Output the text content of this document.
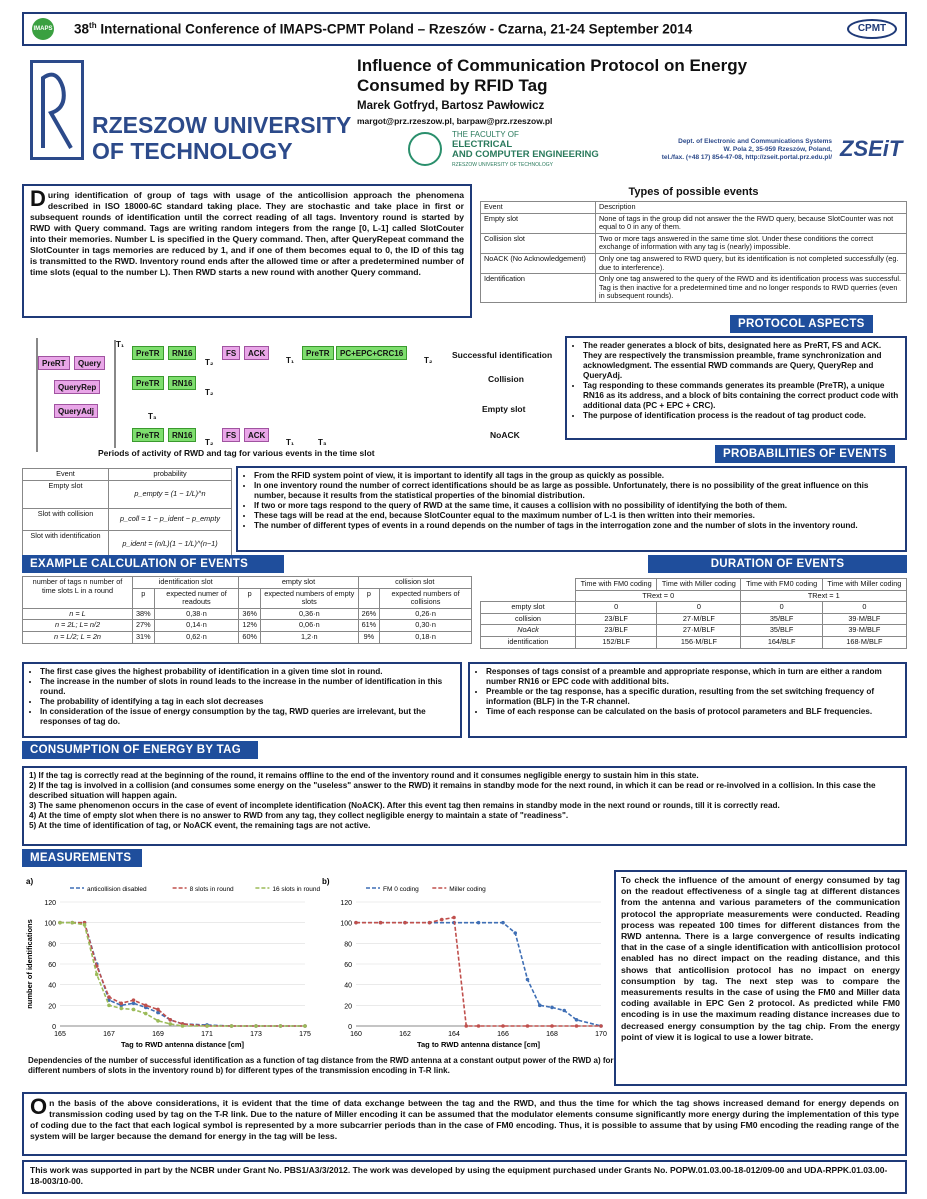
IMAPS 38th International Conference of IMAPS-CPMT Poland – Rzeszów - Czarna, 21-24 September 2014	CPMT
RZESZOW UNIVERSITY
OF TECHNOLOGY
Influence of Communication Protocol on Energy
Consumed by RFID Tag
Marek Gotfryd, Bartosz Pawłowicz
margot@prz.rzeszow.pl, barpaw@prz.rzeszow.pl
THE FACULTY OF
ELECTRICAL
AND COMPUTER ENGINEERING
RZESZOW UNIVERSITY OF TECHNOLOGY
Dept. of Electronic and Communications Systems
W. Pola 2, 35-959 Rzeszów, Poland,
tel./fax. (+48 17) 854-47-08, http://zseit.portal.prz.edu.pl/ ZSEiT
During identification of group of tags with usage of the anticollision approach the phenomena described in ISO 18000-6C standard taking place. They are stochastic and take place in first or subsequent rounds of identification until the correct reading of all tags. Inventory round is started by RWD with Query command. Tags are writing random integers from the range [0, L-1] called SlotCouter into their memories. Number L is specified in the Query command. Then, after QueryRepeat command the SlotCounter in tags memories are reduced by 1, and if one of them becomes equal to 0, the ID of this tag is transmitted to the RWD. Inventory round ends after the allowed time or after a predetermined number of time slots (equal to the number L). Then RWD starts a new round with another Query command.
Types of possible events
Event	Description
Empty slot	None of tags in the group did not answer the the RWD query, because SlotCounter was not equal to 0 in any of them.
Collision slot	Two or more tags answered in the same time slot. Under these conditions the correct exchange of information with any tag is (nearly) impossible.
NoACK (No Acknowledgement)	Only one tag answered to RWD query, but its identification is not completed successfully (eg. due to interference).
Identification	Only one tag answered to the query of the RWD and its identification process was successful. Tag is then inactive for a predetermined time and no longer responds to RWD querries (even in subsequent rounds).
PROTOCOL ASPECTS
T₁
PreRT	Query
PreTR	RN16
T₂
FS	ACK
T₁
PreTR	PC+EPC+CRC16
T₂
Successful identification
QueryRep	PreTR	RN16
T₂
Collision
QueryAdj
T₃
Empty slot
PreTR	RN16
T₂
FS	ACK
T₁	T₃
NoACK
Periods of activity of RWD and tag for various events in the time slot
• The reader generates a block of bits, designated here as PreRT, FS and ACK. They are respectively the transmission preamble, frame synchronization and acknowledgment. The essential RWD commands are Query, QueryRep and QueryAdj.
• Tag responding to these commands generates its preamble (PreTR), a unique RN16 as its address, and a block of bits containing the correct product code with additional data (PC + EPC + CRC).
• The purpose of identification process is the readout of tag product code.
PROBABILITIES OF EVENTS
Event	probability
Empty slot	p_empty = (1 − 1/L)^n
Slot with collision	p_coll = 1 − p_ident − p_empty
Slot with identification	p_ident = (n/L)(1 − 1/L)^(n−1)
• From the RFID system point of view, it is important to identify all tags in the group as quickly as possible.
• In one inventory round the number of correct identifications should be as large as possible. Unfortunately, there is no possibility of the great influence on this number, because it results from the statistical properties of the binomial distribution.
• If two or more tags respond to the query of RWD at the same time, it causes a collision with no possibility of identifying the both of them.
• These tags will be read at the end, because SlotCounter equal to the maximum number of L-1 is then written into their memories.
• The number of different types of events in a round depends on the number of tags in the interrogation zone and the number of slots in the inventory round.
EXAMPLE CALCULATION OF EVENTS
number of tags n number of time slots L in a round	identification slot		empty slot		collision slot	
	p	expected numer of readouts	p	expected numbers of empty slots	p	expected numbers of collisions
n = L	38%	0,38·n	36%	0,36·n	26%	0,26·n
n = 2L; L= n/2	27%	0,14·n	12%	0,06·n	61%	0,30·n
n = L/2; L = 2n	31%	0,62·n	60%	1,2·n	9%	0,18·n
DURATION OF EVENTS
	Time with FM0 coding	Time with Miller coding	Time with FM0 coding	Time with Miller coding
	TRext = 0		TRext = 1	
empty slot	0	0	0	0
collision	23/BLF	27·M/BLF	35/BLF	39·M/BLF
NoAck	23/BLF	27·M/BLF	35/BLF	39·M/BLF
identification	152/BLF	156·M/BLF	164/BLF	168·M/BLF
• The first case gives the highest probability of identification in a given time slot in round.
• The increase in the number of slots in round leads to the increase in the number of identification in this round.
• The probability of identifying a tag in each slot decreases
• In consideration of the issue of energy consumption by the tag, RWD queries are irrelevant, but the responses of tag do.
• Responses of tags consist of a preamble and appropriate response, which in turn are either a random number RN16 or EPC code with additional bits.
• Preamble or the tag response, has a specific duration, resulting from the set switching frequency of information (BLF) in the T-R channel.
• Time of each response can be calculated on the basis of protocol parameters and BLF frequencies.
CONSUMPTION OF ENERGY BY TAG
1) If the tag is correctly read at the beginning of the round, it remains offline to the end of the inventory round and it consumes negligible energy to sustain him in this state.
2) If the tag is involved in a collision (and consumes some energy on the "useless" answer to the RWD) it remains in standby mode for the next round, in which it can be read or re-involved in a collision. In this case the described situation will happen again.
3) The same phenomenon occurs in the case of event of incomplete identification (NoACK). After this event tag then remains in standby mode in the next round or rounds, till it is correctly read.
4) At the time of empty slot when there is no answer to RWD from any tag, they collect negligible energy to maintain a state of "readiness".
5) At the time of identification of tag, or NoACK event, the remaining tags are not active.
MEASUREMENTS
a)
0
20
40
60
80
100
120
165	167	169	171	173	175
Tag to RWD antenna distance [cm]
number of identifications
anticollision disabled	8 slots in round	16 slots in round
b)
0
20
40
60
80
100
120
160	162	164	166	168	170
Tag to RWD antenna distance [cm]
FM 0 coding	Miller coding
Dependencies of the number of successful identification as a function of tag distance from the RWD antenna at a constant output power of the RWD a) for different numbers of slots in the inventory round b) for different types of the transmission encoding in T-R link.
To check the influence of the amount of energy consumed by tag on the readout effectiveness of a single tag at different distances from the antenna and various parameters of the communication protocol the appropriate measurements were conducted. Reading process was repeated 100 times for different distances from the RWD antenna. There is a large convergence of results indicating that in the case of a single identification with anticollision protocol enabled has no direct impact on the reading distance, and this shows that anticollision protocol has no impact on energy consumption by tag. The next step was to compare the measurements results in the case of using the FM0 and Miller data coding available in EPC Gen 2 protocol. As predicted while FM0 encoding is in use the maximum reading distance increases due to decreased energy consumption by the tag chip. From the energy point of view it is logical to use a lower bitrate.
On the basis of the above considerations, it is evident that the time of data exchange between the tag and the RWD, and thus the time for which the tag shows increased demand for energy depends on transmission coding used by tag on the T-R link. Due to the nature of Miller encoding it can be assumed that the modulator elements consume significantly more energy during the implementation of this type of coding due to the fact that each logical symbol is represented by a more subcarrier periods than in the case of FM0 encoding. Thus, it is possible to assume that by using FM0 encoding the reading range of the system will be larger because the demand for energy in the tag will be less.
This work was supported in part by the NCBR under Grant No. PBS1/A3/3/2012. The work was developed by using the equipment purchased under Grants No. POPW.01.03.00-18-012/09-00 and UDA-RPPK.01.03.00-18-003/10-00.
